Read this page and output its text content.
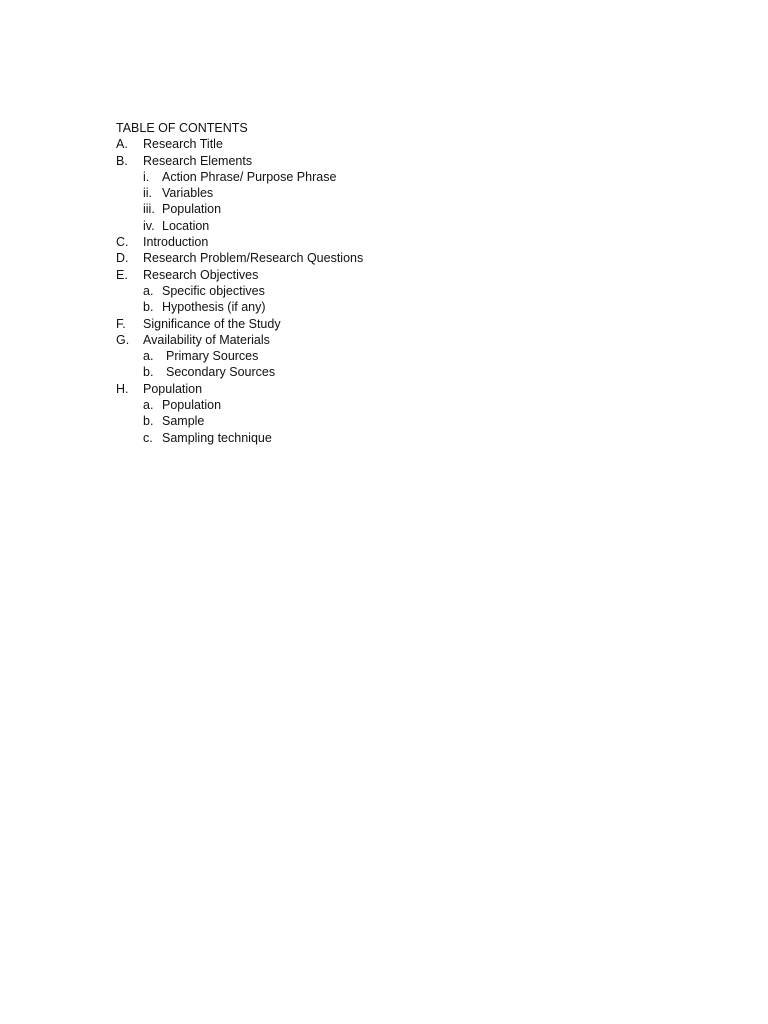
TABLE OF CONTENTS
A. Research Title
B. Research Elements
i. Action Phrase/ Purpose Phrase
ii. Variables
iii. Population
iv. Location
C. Introduction
D. Research Problem/Research Questions
E. Research Objectives
a. Specific objectives
b. Hypothesis (if any)
F. Significance of the Study
G. Availability of Materials
a. Primary Sources
b. Secondary Sources
H. Population
a. Population
b. Sample
c. Sampling technique
